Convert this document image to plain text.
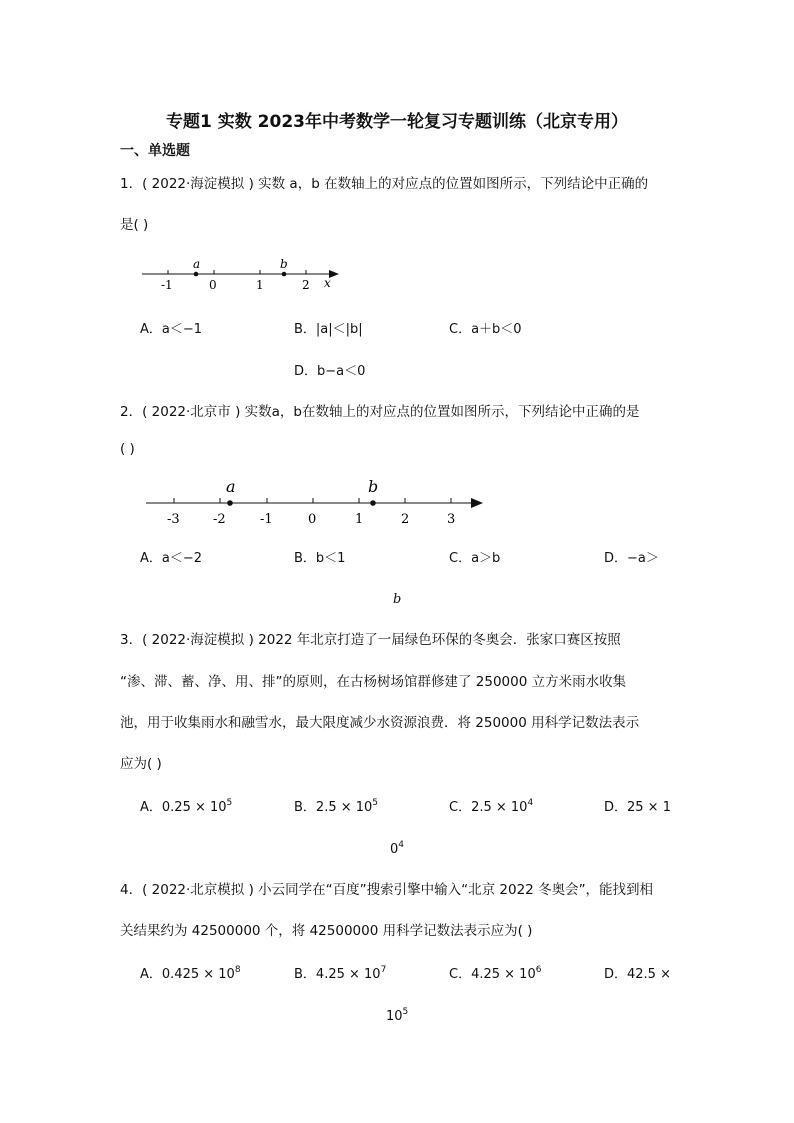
专题1 实数 2023年中考数学一轮复习专题训练（北京专用）
一、单选题
1．( 2022·海淀模拟 ) 实数 a，b 在数轴上的对应点的位置如图所示，下列结论中正确的
是( )
a	b
-1	0	1	2 x
A．a＜−1	B．|a|＜|b|	C．a＋b＜0
D．b−a＜0
2．( 2022·北京市 ) 实数a，b在数轴上的对应点的位置如图所示，下列结论中正确的是
( )
a	b
-3	-2	-1	0	1	2	3
A．a＜−2	B．b＜1	C．a＞b	D．−a＞
b
3．( 2022·海淀模拟 ) 2022 年北京打造了一届绿色环保的冬奥会．张家口赛区按照
“渗、滞、蓄、净、用、排”的原则，在古杨树场馆群修建了 250000 立方米雨水收集
池，用于收集雨水和融雪水，最大限度减少水资源浪费．将 250000 用科学记数法表示
应为( )
A．$0.25 \times 10^5$	B．$2.5 \times 10^5$	C．$2.5 \times 10^4$	D．25 × 1
$0^4$
4．( 2022·北京模拟 ) 小云同学在“百度”搜索引擎中输入“北京 2022 冬奥会”，能找到相
关结果约为 42500000 个，将 42500000 用科学记数法表示应为( )
A．$0.425 \times 10^8$	B．$4.25 \times 10^7$	C．$4.25 \times 10^6$	D．42.5 ×
$10^5$
